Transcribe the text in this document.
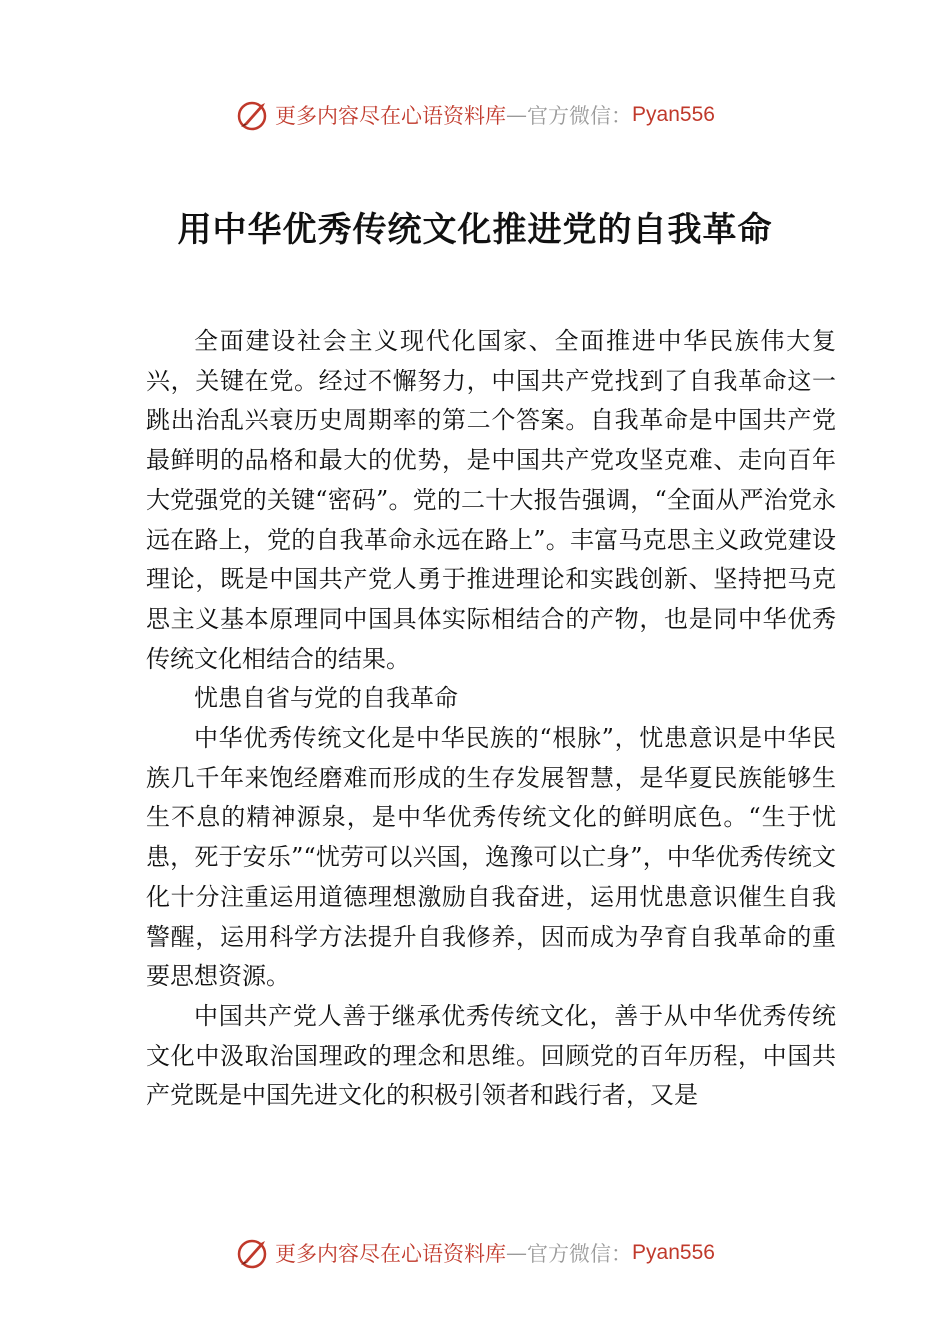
更多内容尽在心语资料库 — 官方微信： Pyan556
用中华优秀传统文化推进党的自我革命

全面建设社会主义现代化国家、全面推进中华民族伟大复兴，关键在党。经过不懈努力，中国共产党找到了自我革命这一跳出治乱兴衰历史周期率的第二个答案。自我革命是中国共产党最鲜明的品格和最大的优势，是中国共产党攻坚克难、走向百年大党强党的关键“密码”。党的二十大报告强调，“全面从严治党永远在路上，党的自我革命永远在路上”。丰富马克思主义政党建设理论，既是中国共产党人勇于推进理论和实践创新、坚持把马克思主义基本原理同中国具体实际相结合的产物，也是同中华优秀传统文化相结合的结果。

忧患自省与党的自我革命

中华优秀传统文化是中华民族的“根脉”，忧患意识是中华民族几千年来饱经磨难而形成的生存发展智慧，是华夏民族能够生生不息的精神源泉，是中华优秀传统文化的鲜明底色。“生于忧患，死于安乐”“忧劳可以兴国，逸豫可以亡身”，中华优秀传统文化十分注重运用道德理想激励自我奋进，运用忧患意识催生自我警醒，运用科学方法提升自我修养，因而成为孕育自我革命的重要思想资源。

中国共产党人善于继承优秀传统文化，善于从中华优秀传统文化中汲取治国理政的理念和思维。回顾党的百年历程，中国共产党既是中国先进文化的积极引领者和践行者，又是

更多内容尽在心语资料库 — 官方微信： Pyan556
